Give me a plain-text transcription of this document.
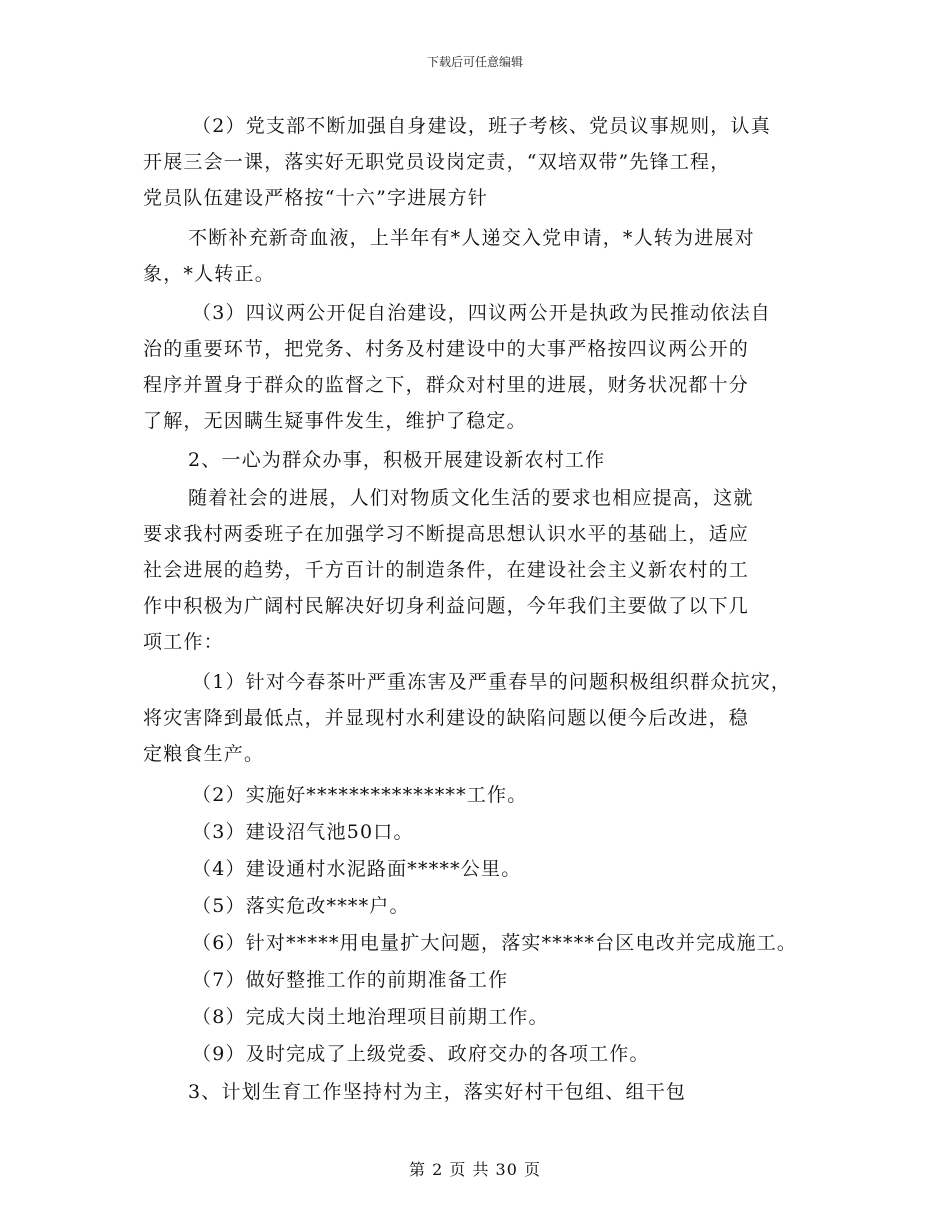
下载后可任意编辑
（2）党支部不断加强自身建设，班子考核、党员议事规则，认真
开展三会一课，落实好无职党员设岗定责，“双培双带”先锋工程，
党员队伍建设严格按“十六”字进展方针
不断补充新奇血液，上半年有*人递交入党申请，*人转为进展对
象，*人转正。
（3）四议两公开促自治建设，四议两公开是执政为民推动依法自
治的重要环节，把党务、村务及村建设中的大事严格按四议两公开的
程序并置身于群众的监督之下，群众对村里的进展，财务状况都十分
了解，无因瞒生疑事件发生，维护了稳定。
2、一心为群众办事，积极开展建设新农村工作
随着社会的进展，人们对物质文化生活的要求也相应提高，这就
要求我村两委班子在加强学习不断提高思想认识水平的基础上，适应
社会进展的趋势，千方百计的制造条件，在建设社会主义新农村的工
作中积极为广阔村民解决好切身利益问题，今年我们主要做了以下几
项工作：
（1）针对今春茶叶严重冻害及严重春旱的问题积极组织群众抗灾，
将灾害降到最低点，并显现村水利建设的缺陷问题以便今后改进，稳
定粮食生产。
（2）实施好***************工作。
（3）建设沼气池50口。
（4）建设通村水泥路面*****公里。
（5）落实危改****户。
（6）针对*****用电量扩大问题，落实*****台区电改并完成施工。
（7）做好整推工作的前期准备工作
（8）完成大岗土地治理项目前期工作。
（9）及时完成了上级党委、政府交办的各项工作。
3、计划生育工作坚持村为主，落实好村干包组、组干包
第 2 页 共 30 页
